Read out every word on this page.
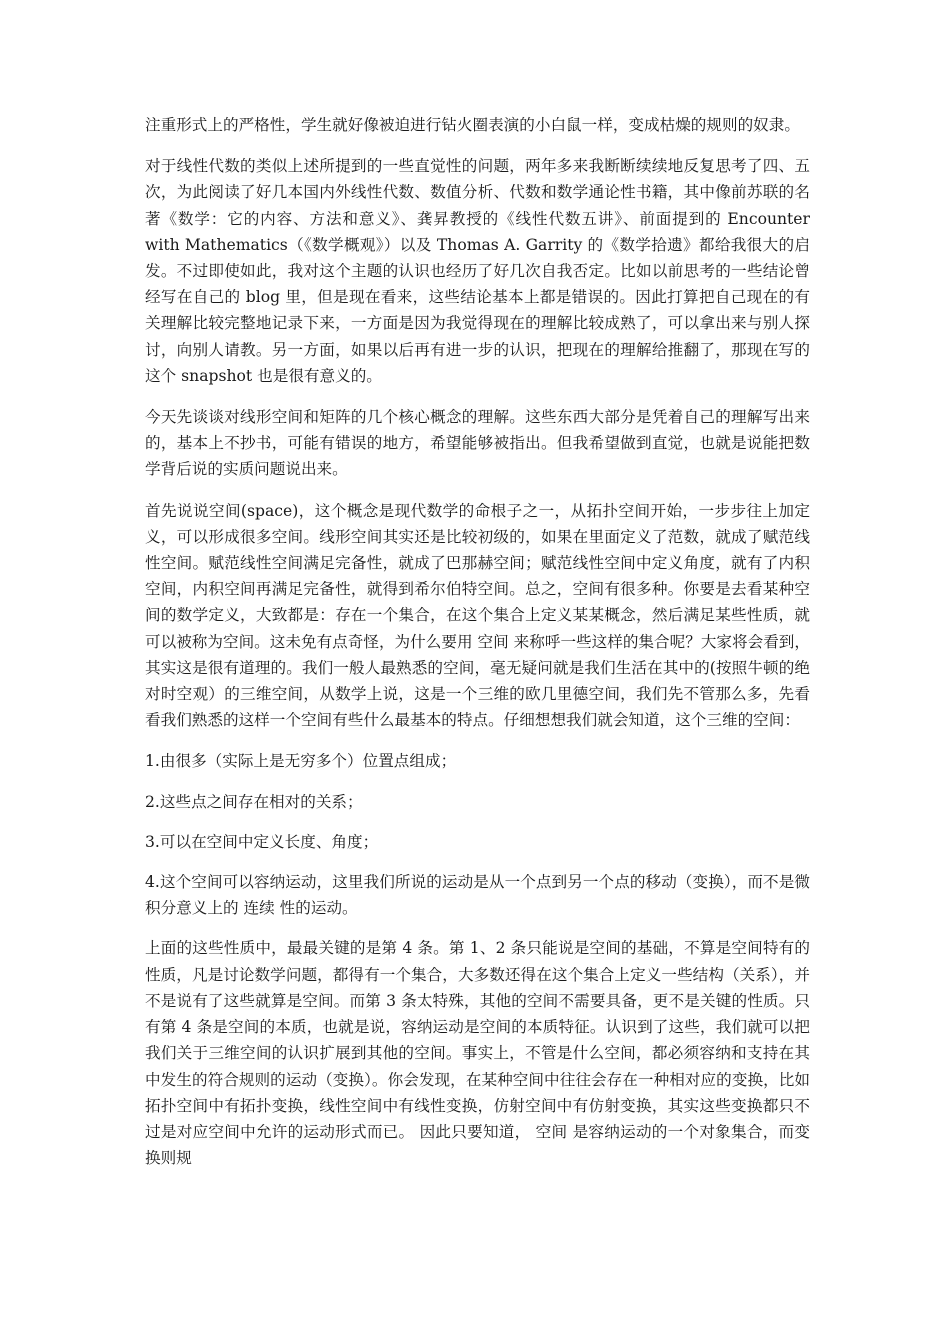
注重形式上的严格性，学生就好像被迫进行钻火圈表演的小白鼠一样，变成枯燥的规则的奴隶。

对于线性代数的类似上述所提到的一些直觉性的问题，两年多来我断断续续地反复思考了四、五次，为此阅读了好几本国内外线性代数、数值分析、代数和数学通论性书籍，其中像前苏联的名著《数学：它的内容、方法和意义》、龚昇教授的《线性代数五讲》、前面提到的 Encounter with Mathematics（《数学概观》）以及 Thomas A. Garrity 的《数学拾遗》都给我很大的启发。不过即使如此，我对这个主题的认识也经历了好几次自我否定。比如以前思考的一些结论曾经写在自己的 blog 里，但是现在看来，这些结论基本上都是错误的。因此打算把自己现在的有关理解比较完整地记录下来，一方面是因为我觉得现在的理解比较成熟了，可以拿出来与别人探讨，向别人请教。另一方面，如果以后再有进一步的认识，把现在的理解给推翻了，那现在写的这个 snapshot 也是很有意义的。

今天先谈谈对线形空间和矩阵的几个核心概念的理解。这些东西大部分是凭着自己的理解写出来的，基本上不抄书，可能有错误的地方，希望能够被指出。但我希望做到直觉，也就是说能把数学背后说的实质问题说出来。

首先说说空间(space)，这个概念是现代数学的命根子之一，从拓扑空间开始，一步步往上加定义，可以形成很多空间。线形空间其实还是比较初级的，如果在里面定义了范数，就成了赋范线性空间。赋范线性空间满足完备性，就成了巴那赫空间；赋范线性空间中定义角度，就有了内积空间，内积空间再满足完备性，就得到希尔伯特空间。总之，空间有很多种。你要是去看某种空间的数学定义，大致都是：存在一个集合，在这个集合上定义某某概念，然后满足某些性质，就可以被称为空间。这未免有点奇怪，为什么要用 空间 来称呼一些这样的集合呢？大家将会看到，其实这是很有道理的。我们一般人最熟悉的空间，毫无疑问就是我们生活在其中的(按照牛顿的绝对时空观）的三维空间，从数学上说，这是一个三维的欧几里德空间，我们先不管那么多，先看看我们熟悉的这样一个空间有些什么最基本的特点。仔细想想我们就会知道，这个三维的空间：

1.由很多（实际上是无穷多个）位置点组成；

2.这些点之间存在相对的关系；

3.可以在空间中定义长度、角度；

4.这个空间可以容纳运动，这里我们所说的运动是从一个点到另一个点的移动（变换），而不是微积分意义上的 连续 性的运动。

上面的这些性质中，最最关键的是第 4 条。第 1、2 条只能说是空间的基础，不算是空间特有的性质，凡是讨论数学问题，都得有一个集合，大多数还得在这个集合上定义一些结构（关系），并不是说有了这些就算是空间。而第 3 条太特殊，其他的空间不需要具备，更不是关键的性质。只有第 4 条是空间的本质，也就是说，容纳运动是空间的本质特征。认识到了这些，我们就可以把我们关于三维空间的认识扩展到其他的空间。事实上，不管是什么空间，都必须容纳和支持在其中发生的符合规则的运动（变换）。你会发现，在某种空间中往往会存在一种相对应的变换，比如拓扑空间中有拓扑变换，线性空间中有线性变换，仿射空间中有仿射变换，其实这些变换都只不过是对应空间中允许的运动形式而已。 因此只要知道， 空间 是容纳运动的一个对象集合，而变换则规
